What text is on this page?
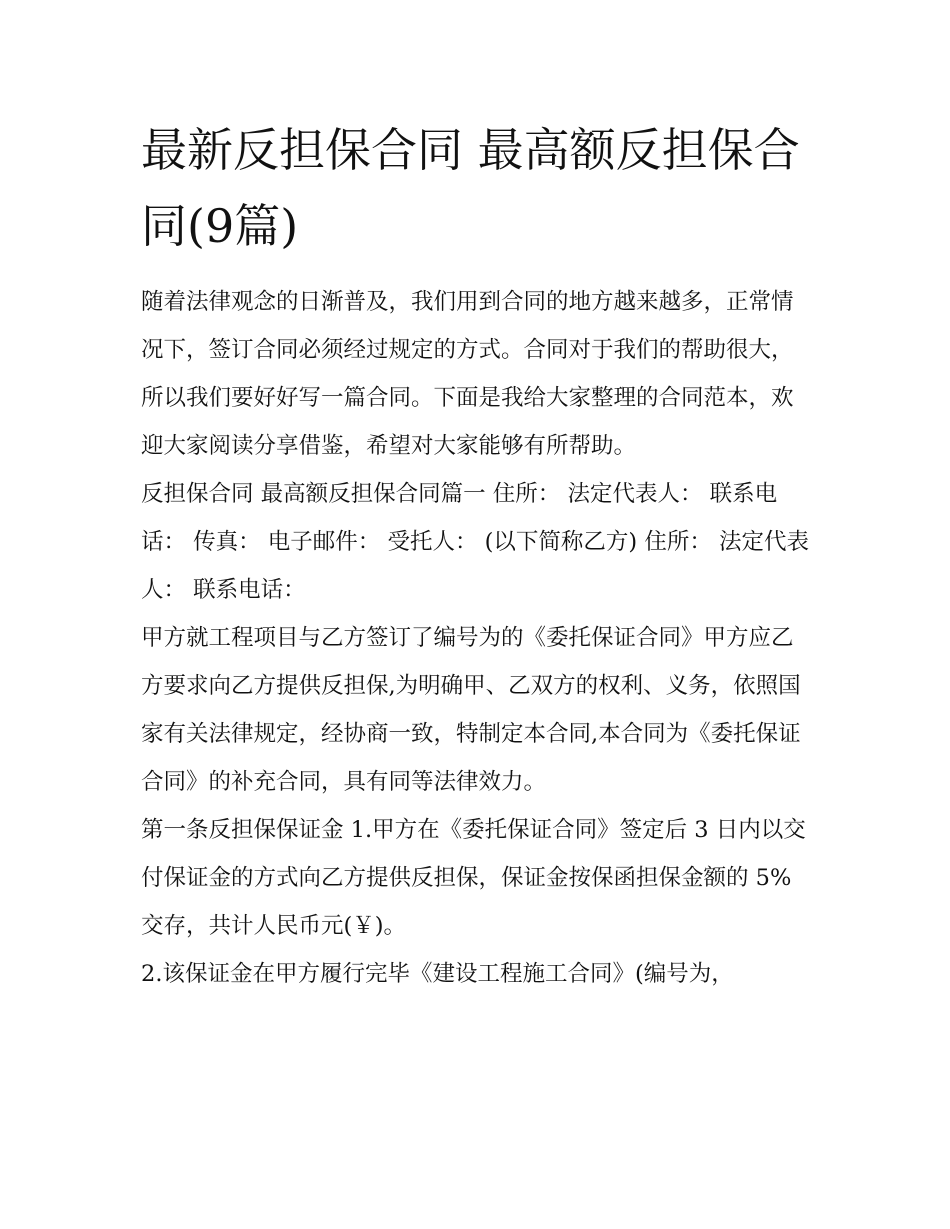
最新反担保合同 最高额反担保合同(9篇)

随着法律观念的日渐普及，我们用到合同的地方越来越多，正常情况下，签订合同必须经过规定的方式。合同对于我们的帮助很大，所以我们要好好写一篇合同。下面是我给大家整理的合同范本，欢迎大家阅读分享借鉴，希望对大家能够有所帮助。

反担保合同 最高额反担保合同篇一 住所： 法定代表人： 联系电话： 传真： 电子邮件： 受托人： (以下简称乙方) 住所： 法定代表人： 联系电话：

甲方就工程项目与乙方签订了编号为的《委托保证合同》甲方应乙方要求向乙方提供反担保,为明确甲、乙双方的权利、义务，依照国家有关法律规定，经协商一致，特制定本合同,本合同为《委托保证合同》的补充合同，具有同等法律效力。

第一条反担保保证金 1.甲方在《委托保证合同》签定后 3 日内以交付保证金的方式向乙方提供反担保，保证金按保函担保金额的 5%交存，共计人民币元(￥)。

2.该保证金在甲方履行完毕《建设工程施工合同》(编号为，
